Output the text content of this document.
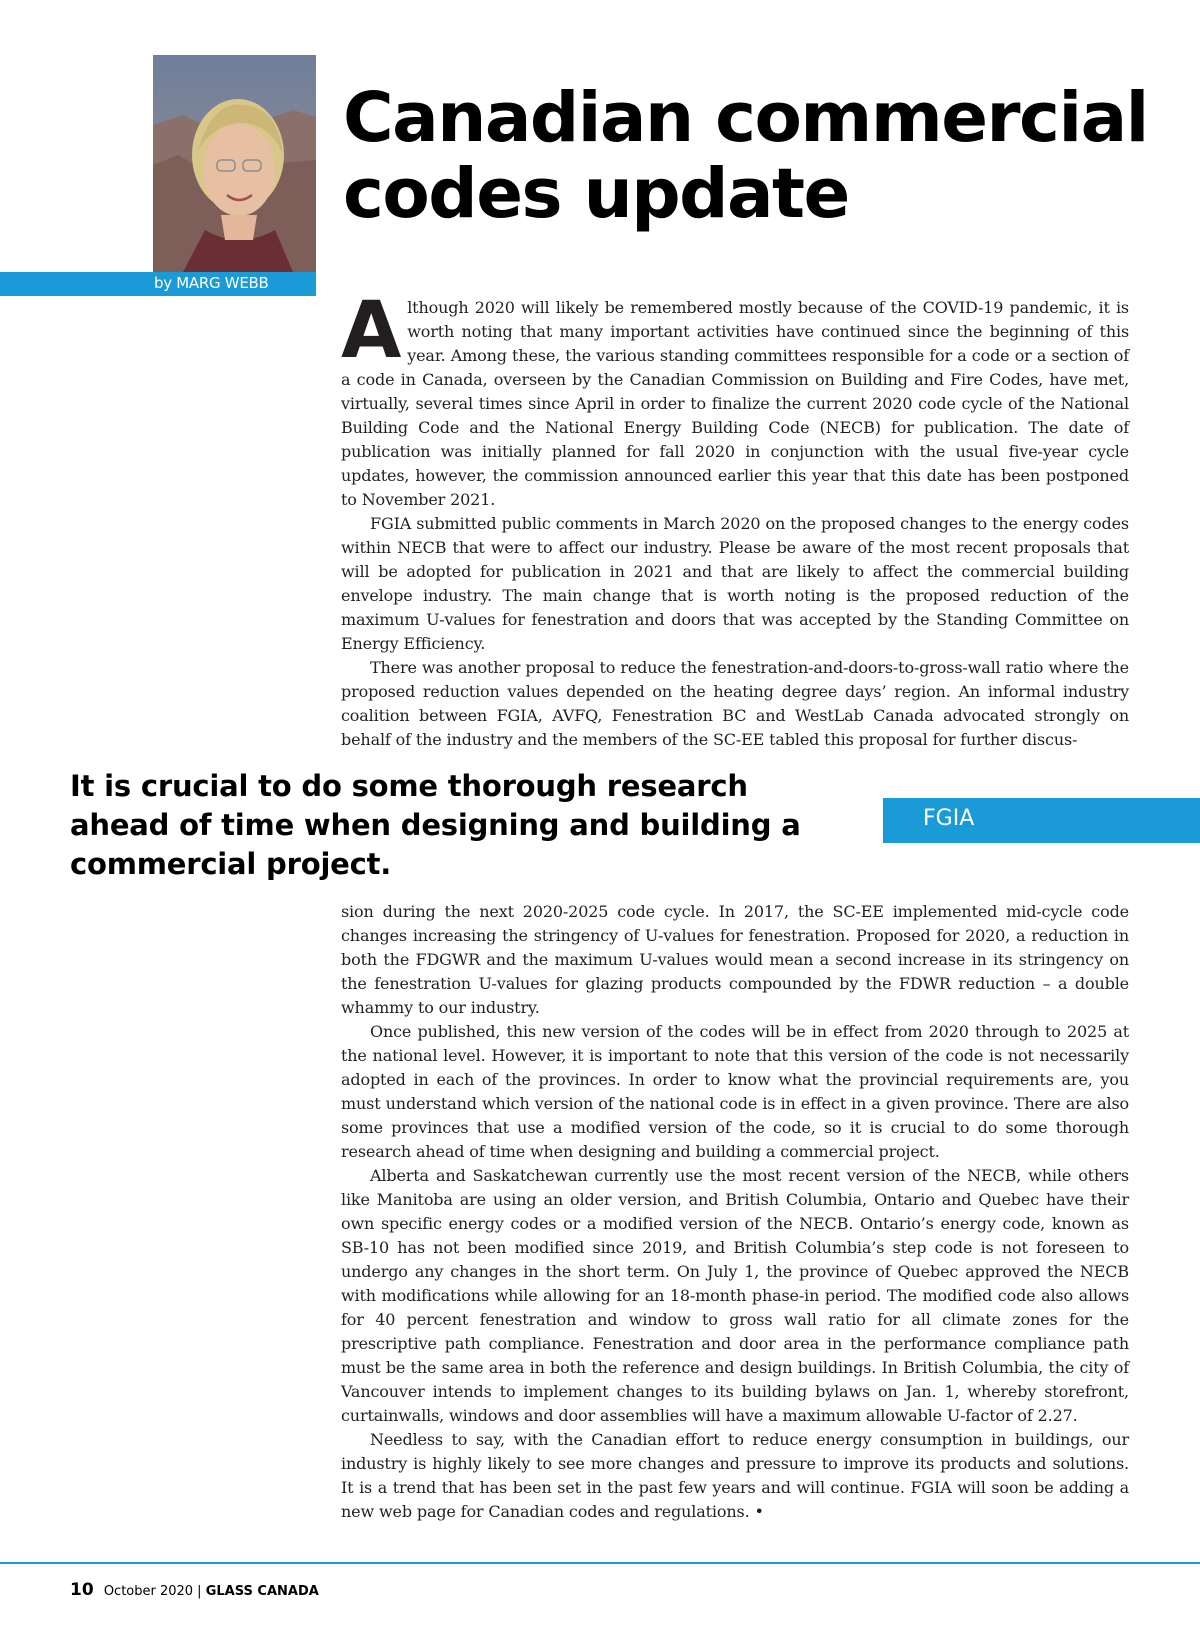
by MARG WEBB
Canadian commercial codes update

Although 2020 will likely be remembered mostly because of the COVID-19 pandemic, it is worth noting that many important activities have continued since the beginning of this year. Among these, the various standing committees responsible for a code or a section of a code in Canada, overseen by the Canadian Commission on Building and Fire Codes, have met, virtually, several times since April in order to finalize the current 2020 code cycle of the National Building Code and the National Energy Building Code (NECB) for publication. The date of publication was initially planned for fall 2020 in conjunction with the usual five-year cycle updates, however, the commission announced earlier this year that this date has been postponed to November 2021.

FGIA submitted public comments in March 2020 on the proposed changes to the energy codes within NECB that were to affect our industry. Please be aware of the most recent proposals that will be adopted for publication in 2021 and that are likely to affect the commercial building envelope industry. The main change that is worth noting is the proposed reduction of the maximum U-values for fenestration and doors that was accepted by the Standing Committee on Energy Efficiency.

There was another proposal to reduce the fenestration-and-doors-to-gross-wall ratio where the proposed reduction values depended on the heating degree days’ region. An informal industry coalition between FGIA, AVFQ, Fenestration BC and WestLab Canada advocated strongly on behalf of the industry and the members of the SC-EE tabled this proposal for further discus-

It is crucial to do some thorough research ahead of time when designing and building a commercial project.
FGIA

sion during the next 2020-2025 code cycle. In 2017, the SC-EE implemented mid-cycle code changes increasing the stringency of U-values for fenestration. Proposed for 2020, a reduction in both the FDGWR and the maximum U-values would mean a second increase in its stringency on the fenestration U-values for glazing products compounded by the FDWR reduction – a double whammy to our industry.

Once published, this new version of the codes will be in effect from 2020 through to 2025 at the national level. However, it is important to note that this version of the code is not necessarily adopted in each of the provinces. In order to know what the provincial requirements are, you must understand which version of the national code is in effect in a given province. There are also some provinces that use a modified version of the code, so it is crucial to do some thorough research ahead of time when designing and building a commercial project.

Alberta and Saskatchewan currently use the most recent version of the NECB, while others like Manitoba are using an older version, and British Columbia, Ontario and Quebec have their own specific energy codes or a modified version of the NECB. Ontario’s energy code, known as SB-10 has not been modified since 2019, and British Columbia’s step code is not foreseen to undergo any changes in the short term. On July 1, the province of Quebec approved the NECB with modifications while allowing for an 18-month phase-in period. The modified code also allows for 40 percent fenestration and window to gross wall ratio for all climate zones for the prescriptive path compliance. Fenestration and door area in the performance compliance path must be the same area in both the reference and design buildings. In British Columbia, the city of Vancouver intends to implement changes to its building bylaws on Jan. 1, whereby storefront, curtainwalls, windows and door assemblies will have a maximum allowable U-factor of 2.27.

Needless to say, with the Canadian effort to reduce energy consumption in buildings, our industry is highly likely to see more changes and pressure to improve its products and solutions. It is a trend that has been set in the past few years and will continue. FGIA will soon be adding a new web page for Canadian codes and regulations. •

10 October 2020 | GLASS CANADA
